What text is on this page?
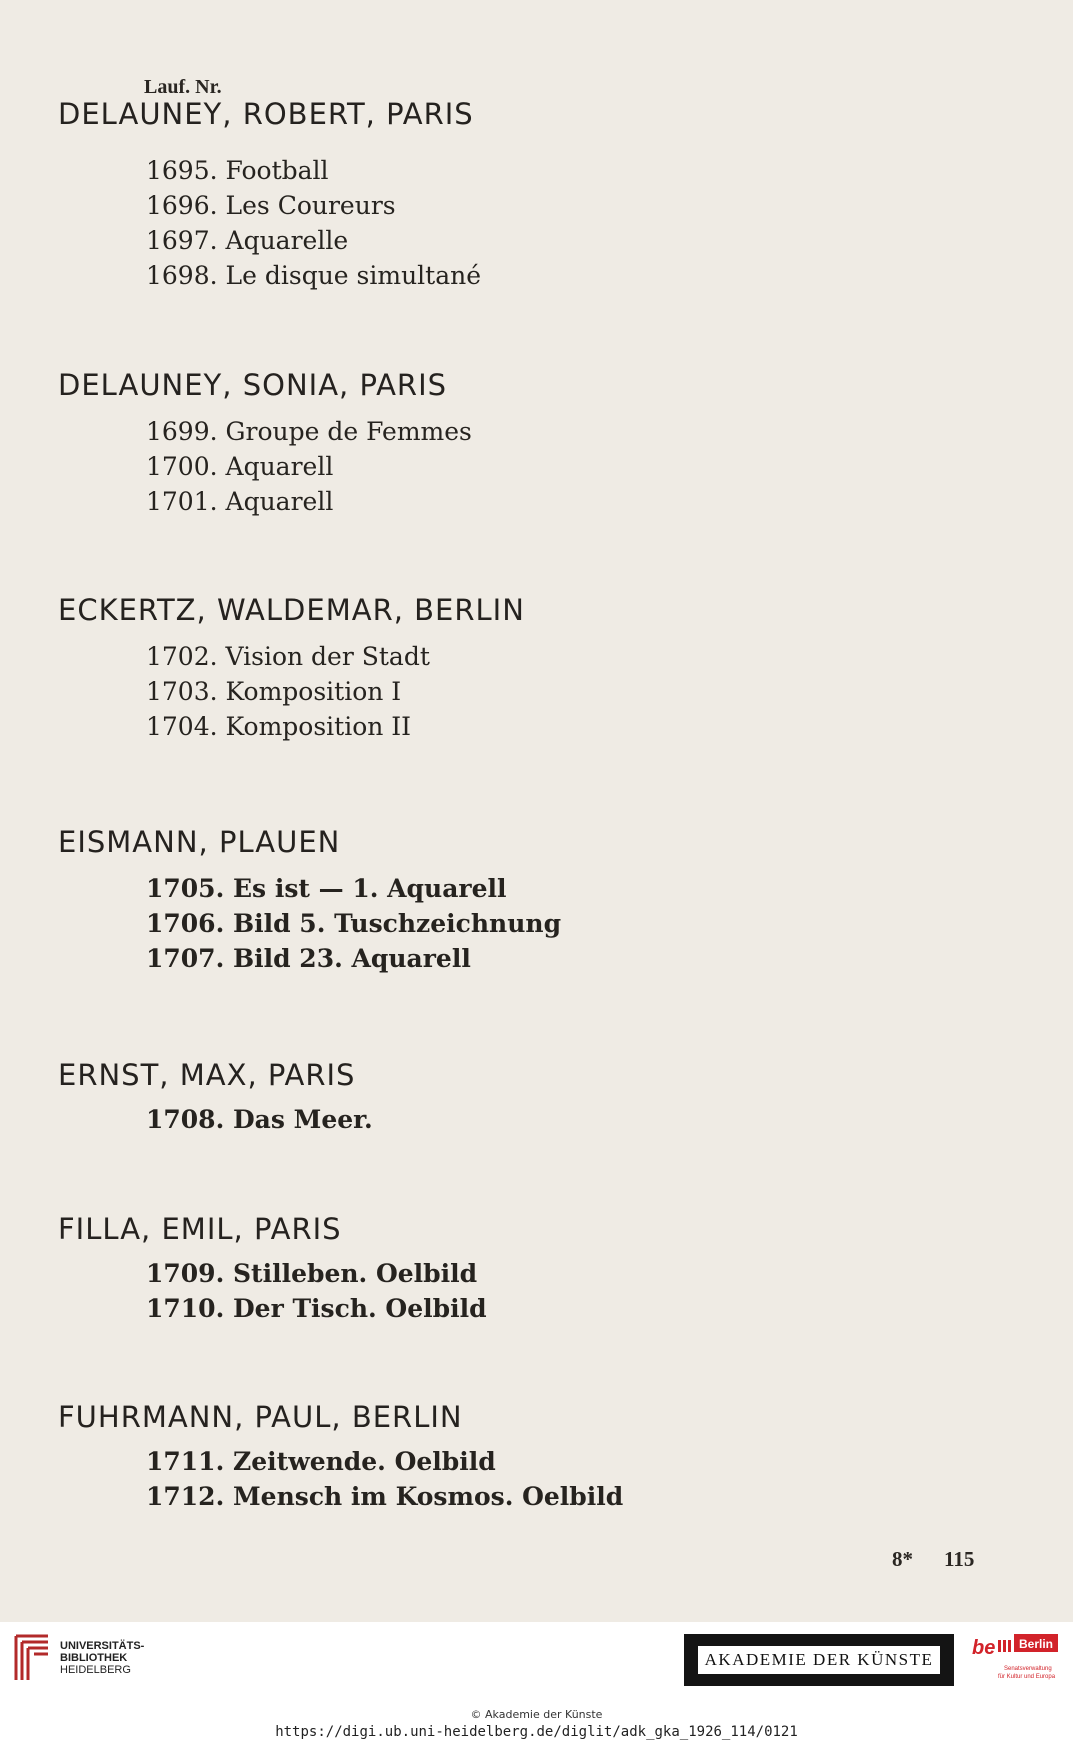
Lauf. Nr.
DELAUNEY, ROBERT, PARIS
1695. Football
1696. Les Coureurs
1697. Aquarelle
1698. Le disque simultané
DELAUNEY, SONIA, PARIS
1699. Groupe de Femmes
1700. Aquarell
1701. Aquarell
ECKERTZ, WALDEMAR, BERLIN
1702. Vision der Stadt
1703. Komposition I
1704. Komposition II
EISMANN, PLAUEN
1705. Es ist — 1. Aquarell
1706. Bild 5. Tuschzeichnung
1707. Bild 23. Aquarell
ERNST, MAX, PARIS
1708. Das Meer.
FILLA, EMIL, PARIS
1709. Stilleben. Oelbild
1710. Der Tisch. Oelbild
FUHRMANN, PAUL, BERLIN
1711. Zeitwende. Oelbild
1712. Mensch im Kosmos. Oelbild
8* 115
UNIVERSITÄTS-
BIBLIOTHEK
HEIDELBERG
AKADEMIE DER KÜNSTE
be Berlin
Senatsverwaltung
für Kultur und Europa
© Akademie der Künste
https://digi.ub.uni-heidelberg.de/diglit/adk_gka_1926_114/0121
